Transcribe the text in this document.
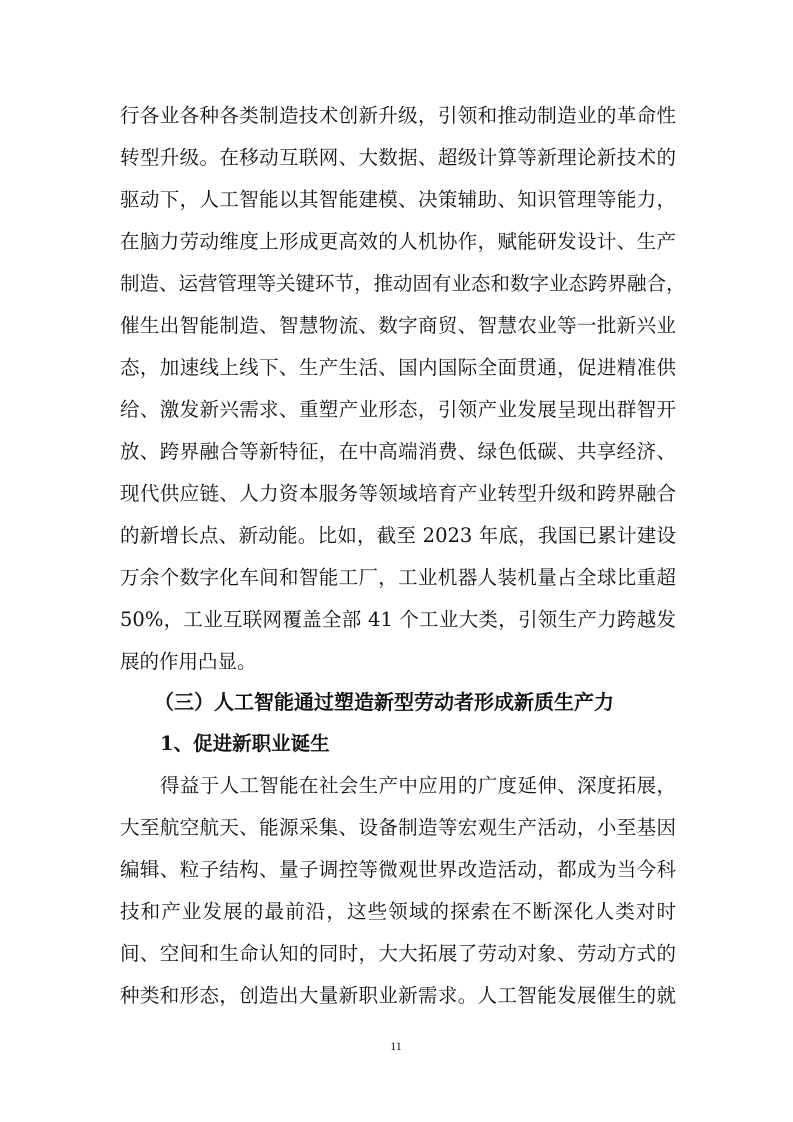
行各业各种各类制造技术创新升级，引领和推动制造业的革命性
转型升级。在移动互联网、大数据、超级计算等新理论新技术的
驱动下，人工智能以其智能建模、决策辅助、知识管理等能力，
在脑力劳动维度上形成更高效的人机协作，赋能研发设计、生产
制造、运营管理等关键环节，推动固有业态和数字业态跨界融合，
催生出智能制造、智慧物流、数字商贸、智慧农业等一批新兴业
态，加速线上线下、生产生活、国内国际全面贯通，促进精准供
给、激发新兴需求、重塑产业形态，引领产业发展呈现出群智开
放、跨界融合等新特征，在中高端消费、绿色低碳、共享经济、
现代供应链、人力资本服务等领域培育产业转型升级和跨界融合
的新增长点、新动能。比如，截至 2023 年底，我国已累计建设
万余个数字化车间和智能工厂，工业机器人装机量占全球比重超
50%，工业互联网覆盖全部 41 个工业大类，引领生产力跨越发
展的作用凸显。
（三）人工智能通过塑造新型劳动者形成新质生产力
1、促进新职业诞生
得益于人工智能在社会生产中应用的广度延伸、深度拓展，
大至航空航天、能源采集、设备制造等宏观生产活动，小至基因
编辑、粒子结构、量子调控等微观世界改造活动，都成为当今科
技和产业发展的最前沿，这些领域的探索在不断深化人类对时
间、空间和生命认知的同时，大大拓展了劳动对象、劳动方式的
种类和形态，创造出大量新职业新需求。人工智能发展催生的就
11
